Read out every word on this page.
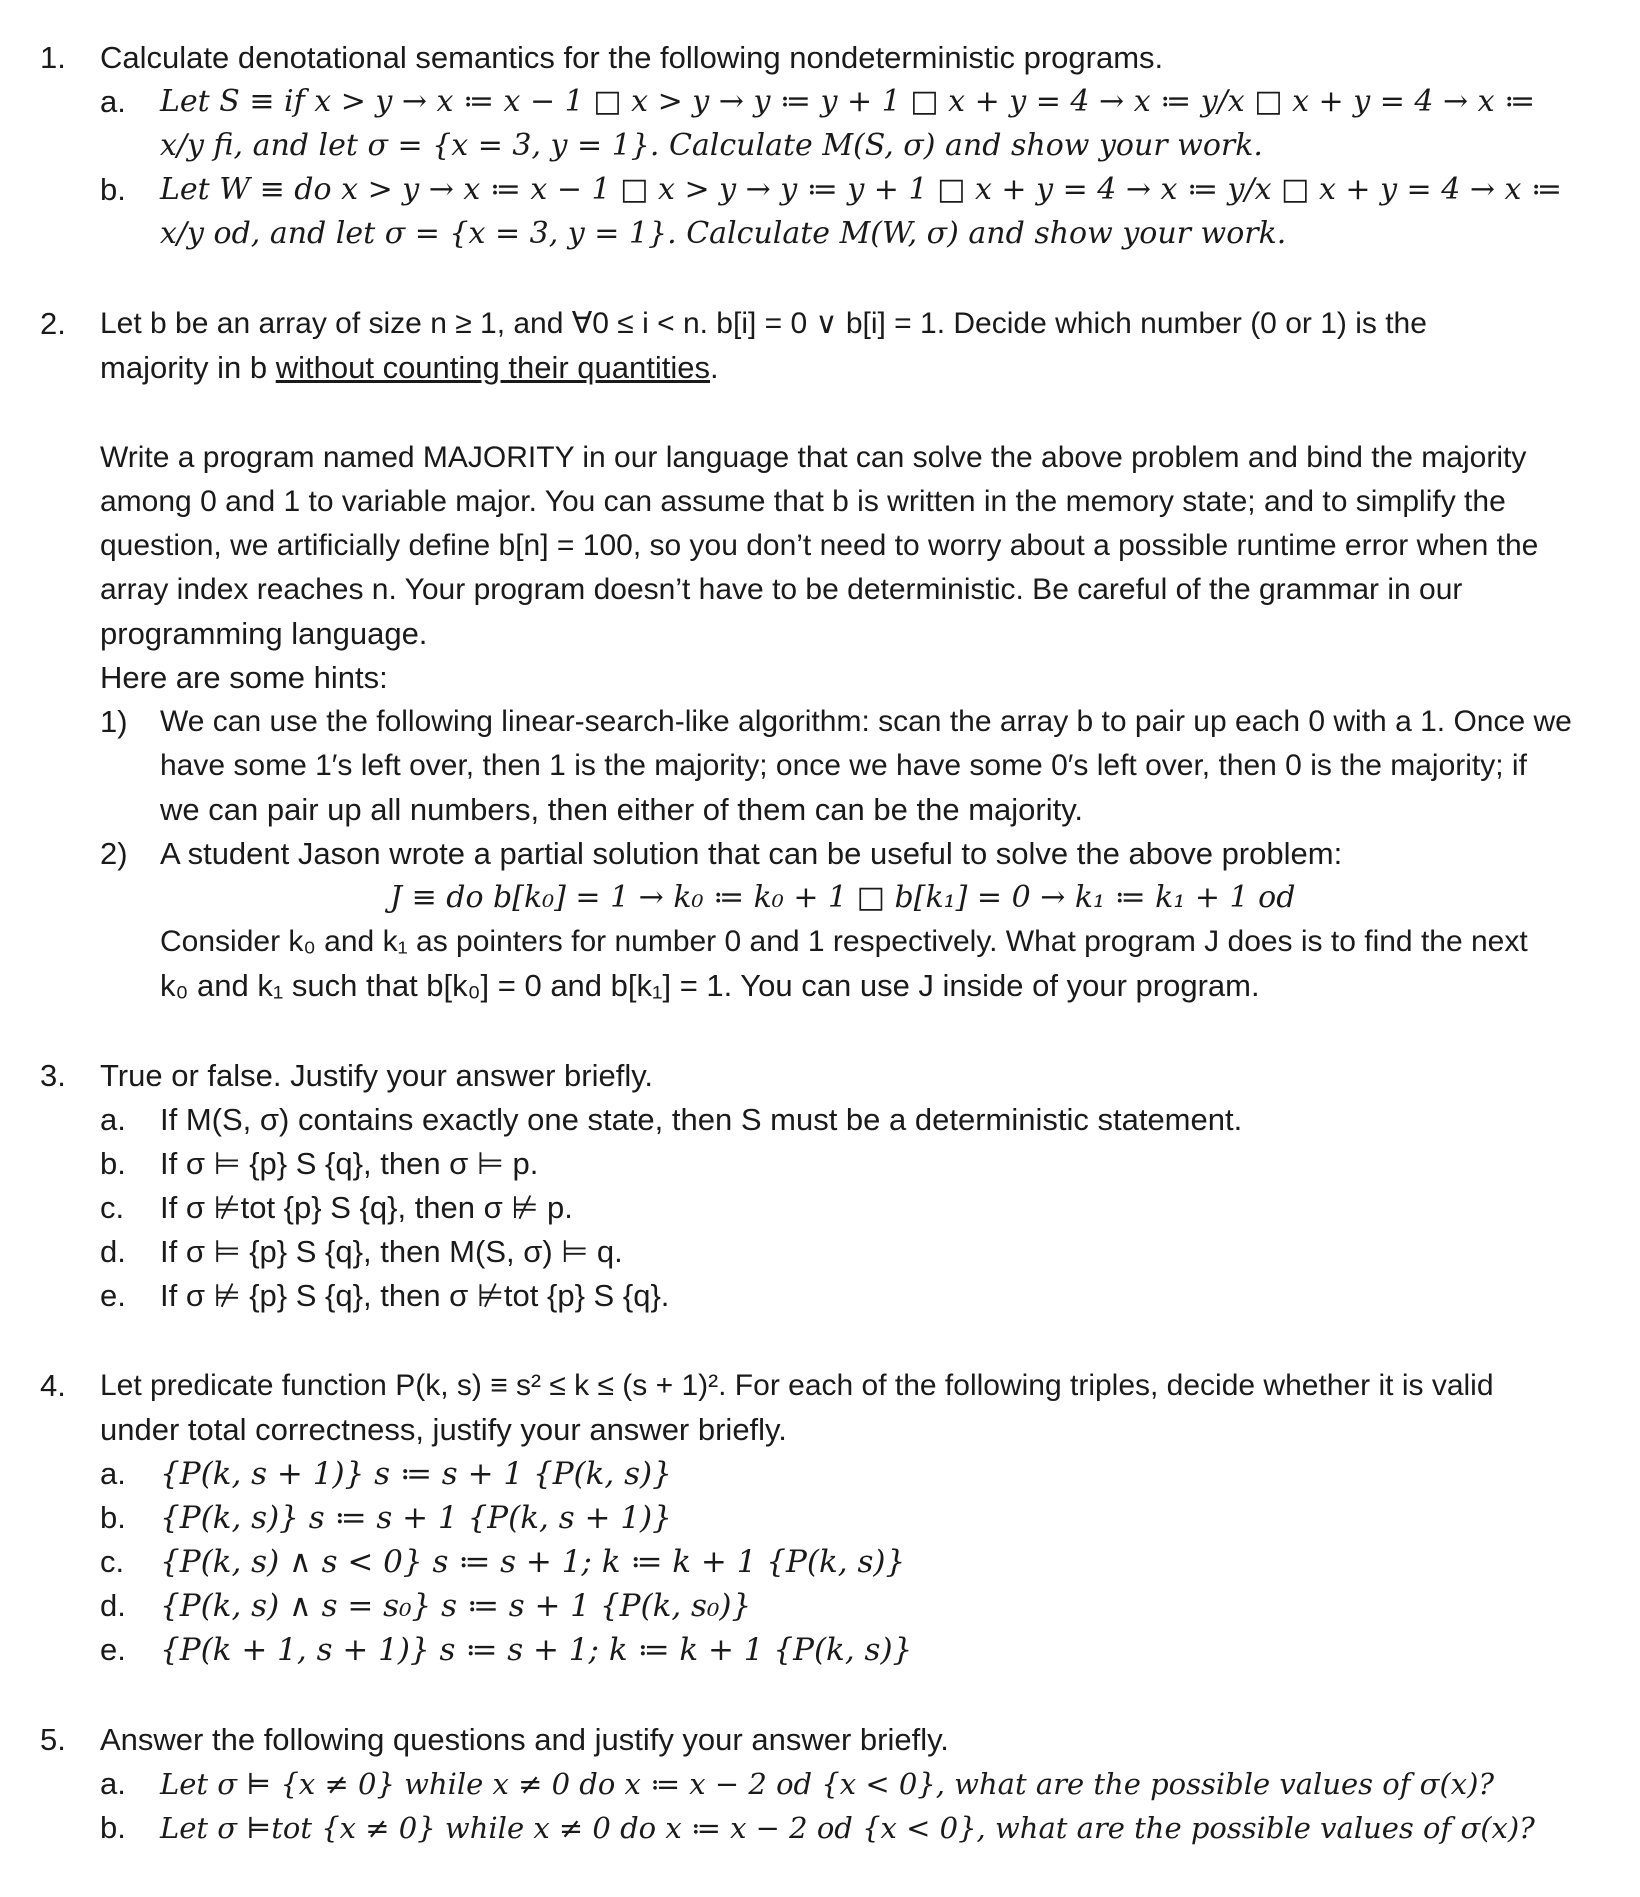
1. Calculate denotational semantics for the following nondeterministic programs.
a. Let S ≡ if x > y → x ≔ x − 1 □ x > y → y ≔ y + 1 □ x + y = 4 → x ≔ y/x □ x + y = 4 → x ≔
x/y fi, and let σ = {x = 3, y = 1}. Calculate M(S, σ) and show your work.
b. Let W ≡ do x > y → x ≔ x − 1 □ x > y → y ≔ y + 1 □ x + y = 4 → x ≔ y/x □ x + y = 4 → x ≔
x/y od, and let σ = {x = 3, y = 1}. Calculate M(W, σ) and show your work.
2. Let b be an array of size n ≥ 1, and ∀0 ≤ i < n. b[i] = 0 ∨ b[i] = 1. Decide which number (0 or 1) is the
majority in b without counting their quantities.
Write a program named MAJORITY in our language that can solve the above problem and bind the majority
among 0 and 1 to variable major. You can assume that b is written in the memory state; and to simplify the
question, we artificially define b[n] = 100, so you don’t need to worry about a possible runtime error when the
array index reaches n. Your program doesn’t have to be deterministic. Be careful of the grammar in our
programming language.
Here are some hints:
1) We can use the following linear-search-like algorithm: scan the array b to pair up each 0 with a 1. Once we
have some 1′s left over, then 1 is the majority; once we have some 0′s left over, then 0 is the majority; if
we can pair up all numbers, then either of them can be the majority.
2) A student Jason wrote a partial solution that can be useful to solve the above problem:
J ≡ do b[k₀] = 1 → k₀ ≔ k₀ + 1 □ b[k₁] = 0 → k₁ ≔ k₁ + 1 od
Consider k₀ and k₁ as pointers for number 0 and 1 respectively. What program J does is to find the next
k₀ and k₁ such that b[k₀] = 0 and b[k₁] = 1. You can use J inside of your program.
3. True or false. Justify your answer briefly.
a. If M(S, σ) contains exactly one state, then S must be a deterministic statement.
b. If σ ⊨ {p} S {q}, then σ ⊨ p.
c. If σ ⊭tot {p} S {q}, then σ ⊭ p.
d. If σ ⊨ {p} S {q}, then M(S, σ) ⊨ q.
e. If σ ⊭ {p} S {q}, then σ ⊭tot {p} S {q}.
4. Let predicate function P(k, s) ≡ s² ≤ k ≤ (s + 1)². For each of the following triples, decide whether it is valid
under total correctness, justify your answer briefly.
a. {P(k, s + 1)} s ≔ s + 1 {P(k, s)}
b. {P(k, s)} s ≔ s + 1 {P(k, s + 1)}
c. {P(k, s) ∧ s < 0} s ≔ s + 1; k ≔ k + 1 {P(k, s)}
d. {P(k, s) ∧ s = s₀} s ≔ s + 1 {P(k, s₀)}
e. {P(k + 1, s + 1)} s ≔ s + 1; k ≔ k + 1 {P(k, s)}
5. Answer the following questions and justify your answer briefly.
a. Let σ ⊨ {x ≠ 0} while x ≠ 0 do x ≔ x − 2 od {x < 0}, what are the possible values of σ(x)?
b. Let σ ⊨tot {x ≠ 0} while x ≠ 0 do x ≔ x − 2 od {x < 0}, what are the possible values of σ(x)?
